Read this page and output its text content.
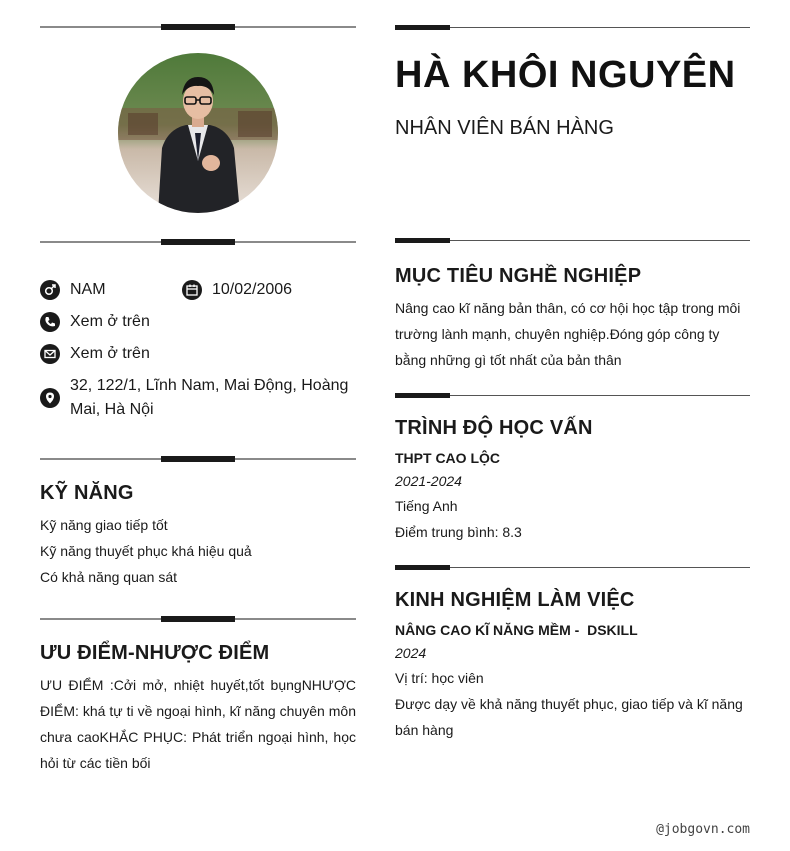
NAM	10/02/2006
Xem ở trên
Xem ở trên
32, 122/1, Lĩnh Nam, Mai Động, Hoàng Mai, Hà Nội
KỸ NĂNG
Kỹ năng giao tiếp tốt
Kỹ năng thuyết phục khá hiệu quả
Có khả năng quan sát
ƯU ĐIỂM-NHƯỢC ĐIỂM
ƯU ĐIỂM :Cởi mở, nhiệt huyết,tốt bụngNHƯỢC ĐIỂM: khá tự ti về ngoại hình, kĩ năng chuyên môn chưa caoKHẮC PHỤC: Phát triển ngoại hình, học hỏi từ các tiền bối
HÀ KHÔI NGUYÊN
NHÂN VIÊN BÁN HÀNG
MỤC TIÊU NGHỀ NGHIỆP
Nâng cao kĩ năng bản thân, có cơ hội học tập trong môi trường lành mạnh, chuyên nghiệp.Đóng góp công ty bằng những gì tốt nhất của bản thân
TRÌNH ĐỘ HỌC VẤN
THPT CAO LỘC
2021-2024
Tiếng Anh
Điểm trung bình: 8.3
KINH NGHIỆM LÀM VIỆC
NÂNG CAO KĨ NĂNG MỀM -  DSKILL
2024
Vị trí: học viên
Được dạy về khả năng thuyết phục, giao tiếp và kĩ năng bán hàng
@jobgovn.com
